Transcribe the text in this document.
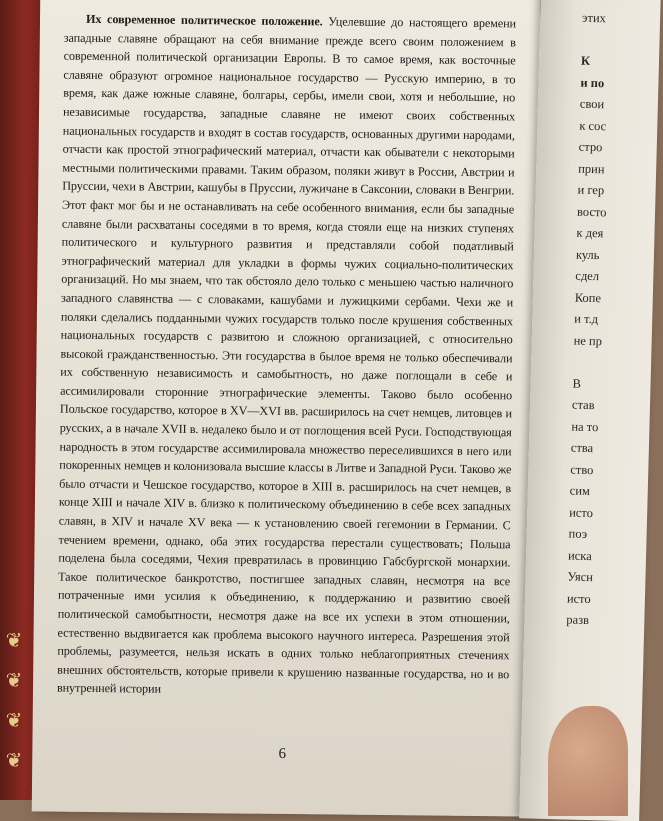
❦
❦
❦
❦
Их современное политическое положение. Уцелевшие до настоящего времени западные славяне обращают на себя внимание прежде всего своим положением в современной политической организации Европы. В то самое время, как восточные славяне образуют огромное национальное государство — Русскую империю, в то время, как даже южные славяне, болгары, сербы, имели свои, хотя и небольшие, но независимые государства, западные славяне не имеют своих собственных национальных государств и входят в состав государств, основанных другими народами, отчасти как простой этнографический материал, отчасти как обыватели с некоторыми местными политическими правами. Таким образом, поляки живут в России, Австрии и Пруссии, чехи в Австрии, кашубы в Пруссии, лужичане в Саксонии, словаки в Венгрии. Этот факт мог бы и не останавливать на себе особенного внимания, если бы западные славяне были расхватаны соседями в то время, когда стояли еще на низких ступенях политического и культурного развития и представляли собой податливый этнографический материал для укладки в формы чужих социально-политических организаций. Но мы знаем, что так обстояло дело только с меньшею частью наличного западного славянства — с словаками, кашубами и лужицкими сербами. Чехи же и поляки сделались подданными чужих государств только после крушения собственных национальных государств с развитою и сложною организацией, с относительно высокой гражданственностью. Эти государства в былое время не только обеспечивали их собственную независимость и самобытность, но даже поглощали в себе и ассимилировали сторонние этнографические элементы. Таково было особенно Польское государство, которое в XV—XVI вв. расширилось на счет немцев, литовцев и русских, а в начале XVII в. недалеко было и от поглощения всей Руси. Господствующая народность в этом государстве ассимилировала множество переселившихся в него или покоренных немцев и колонизовала высшие классы в Литве и Западной Руси. Таково же было отчасти и Чешское государство, которое в XIII в. расширилось на счет немцев, в конце XIII и начале XIV в. близко к политическому объединению в себе всех западных славян, в XIV и начале XV века — к установлению своей гегемонии в Германии. С течением времени, однако, оба этих государства перестали существовать; Польша поделена была соседями, Чехия превратилась в провинцию Габсбургской монархии. Такое политическое банкротство, постигшее западных славян, несмотря на все потраченные ими усилия к объединению, к поддержанию и развитию своей политической самобытности, несмотря даже на все их успехи в этом отношении, естественно выдвигается как проблема высокого научного интереса. Разрешения этой проблемы, разумеется, нельзя искать в одних только неблагоприятных стечениях внешних обстоятельств, которые привели к крушению названные государства, но и во внутренней истории
6
этих
К
и по
свои
к сос
стро
прин
и гер
восто
к дея
куль
сдел
Копе
и т.д
не пр
В
став
на то
ства
ство
сим
исто
поэ
иска
Уясн
исто
разв
